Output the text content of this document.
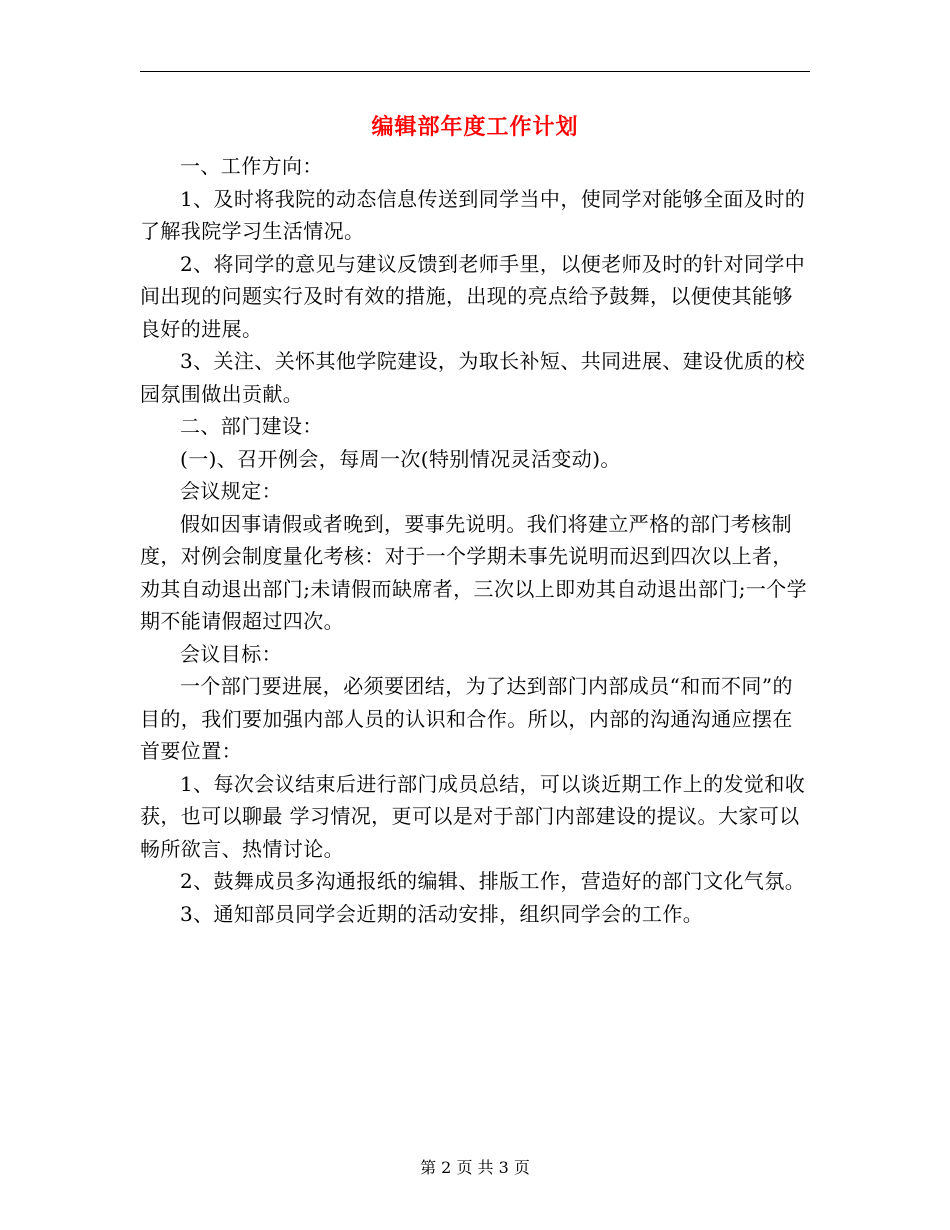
编辑部年度工作计划

一、工作方向：

1、及时将我院的动态信息传送到同学当中，使同学对能够全面及时的了解我院学习生活情况。

2、将同学的意见与建议反馈到老师手里，以便老师及时的针对同学中间出现的问题实行及时有效的措施，出现的亮点给予鼓舞，以便使其能够良好的进展。

3、关注、关怀其他学院建设，为取长补短、共同进展、建设优质的校园氛围做出贡献。

二、部门建设：

(一)、召开例会，每周一次(特别情况灵活变动)。

会议规定：

假如因事请假或者晚到，要事先说明。我们将建立严格的部门考核制度，对例会制度量化考核：对于一个学期未事先说明而迟到四次以上者，劝其自动退出部门;未请假而缺席者，三次以上即劝其自动退出部门;一个学期不能请假超过四次。

会议目标：

一个部门要进展，必须要团结，为了达到部门内部成员“和而不同”的目的，我们要加强内部人员的认识和合作。所以，内部的沟通沟通应摆在首要位置：

1、每次会议结束后进行部门成员总结，可以谈近期工作上的发觉和收获，也可以聊最 学习情况，更可以是对于部门内部建设的提议。大家可以畅所欲言、热情讨论。

2、鼓舞成员多沟通报纸的编辑、排版工作，营造好的部门文化气氛。

3、通知部员同学会近期的活动安排，组织同学会的工作。

第 2 页 共 3 页
